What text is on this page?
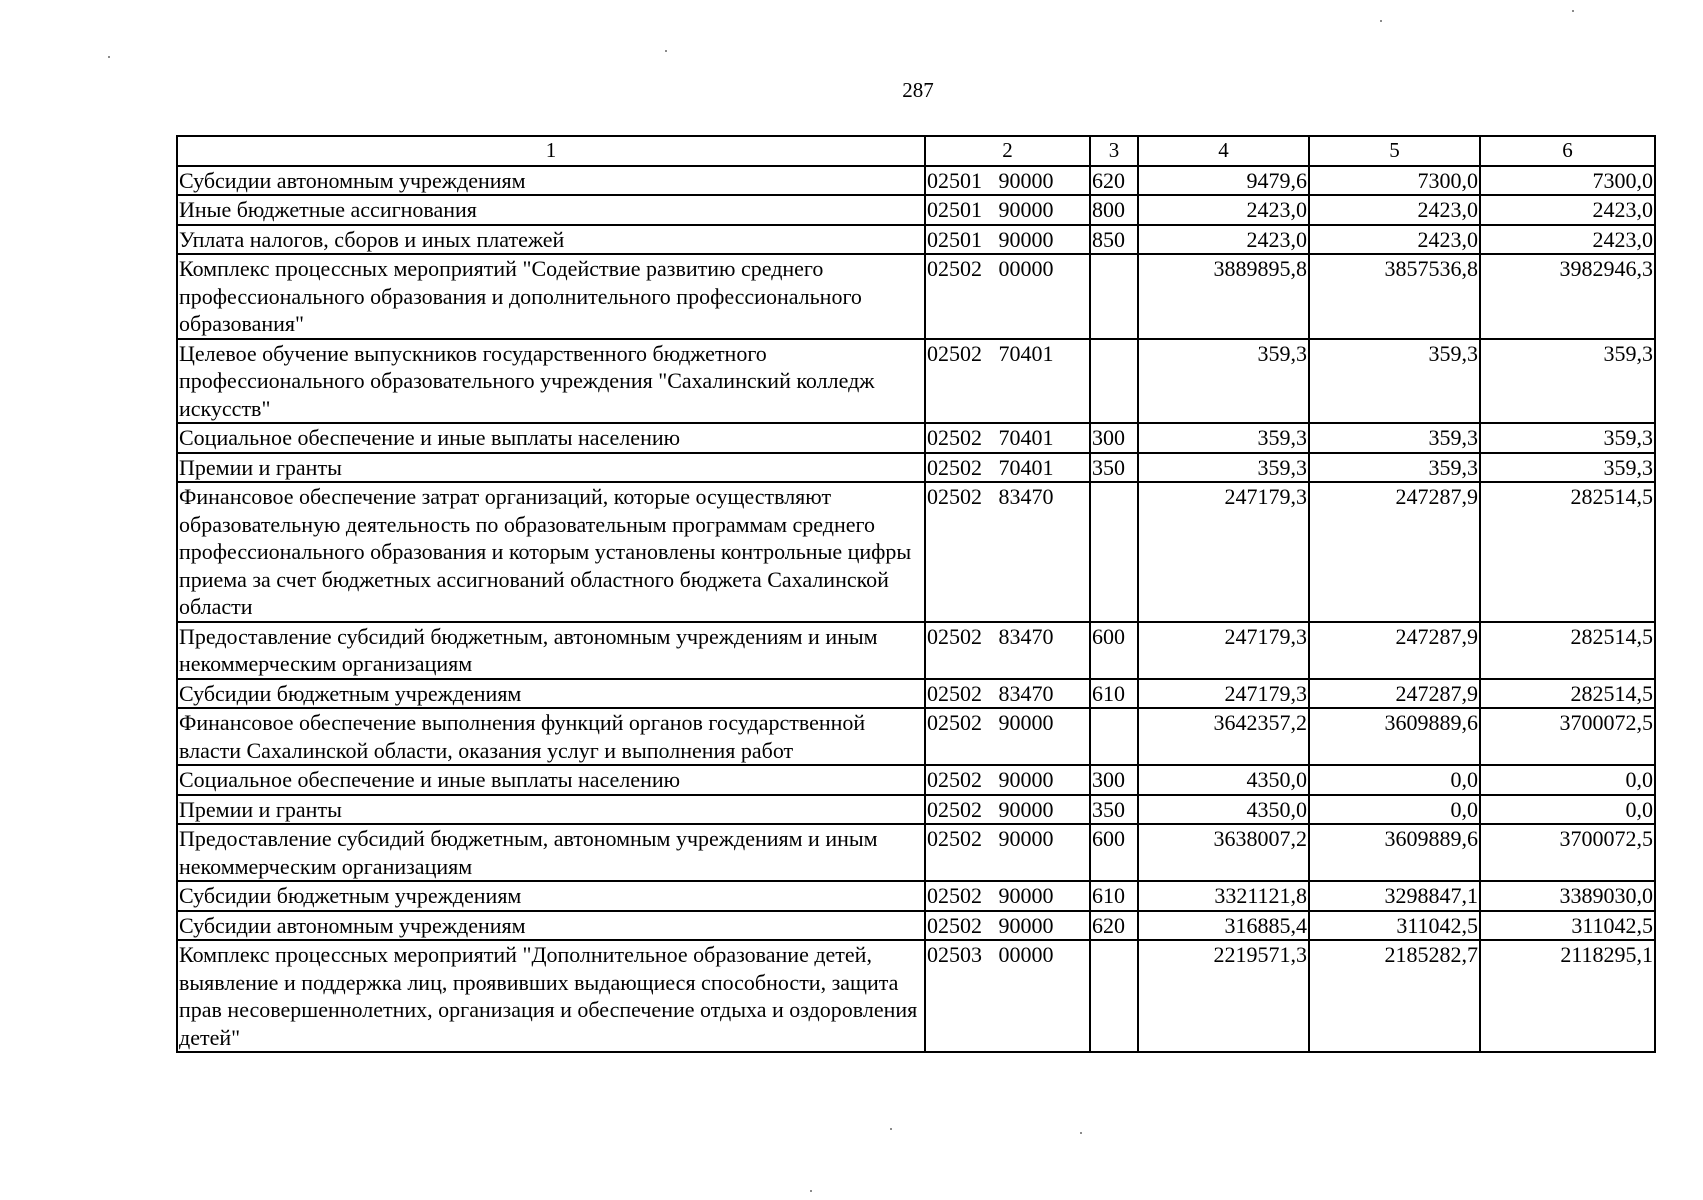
287
1	2	3	4	5	6
Субсидии автономным учреждениям	02501   90000	620	9479,6	7300,0	7300,0
Иные бюджетные ассигнования	02501   90000	800	2423,0	2423,0	2423,0
Уплата налогов, сборов и иных платежей	02501   90000	850	2423,0	2423,0	2423,0
Комплекс процессных мероприятий "Содействие развитию среднего профессионального образования и дополнительного профессионального образования"	02502   00000		3889895,8	3857536,8	3982946,3
Целевое обучение выпускников государственного бюджетного профессионального образовательного учреждения "Сахалинский колледж искусств"	02502   70401		359,3	359,3	359,3
Социальное обеспечение и иные выплаты населению	02502   70401	300	359,3	359,3	359,3
Премии и гранты	02502   70401	350	359,3	359,3	359,3
Финансовое обеспечение затрат организаций, которые осуществляют образовательную деятельность по образовательным программам среднего профессионального образования и которым установлены контрольные цифры приема за счет бюджетных ассигнований областного бюджета Сахалинской области	02502   83470		247179,3	247287,9	282514,5
Предоставление субсидий бюджетным, автономным учреждениям и иным некоммерческим организациям	02502   83470	600	247179,3	247287,9	282514,5
Субсидии бюджетным учреждениям	02502   83470	610	247179,3	247287,9	282514,5
Финансовое обеспечение выполнения функций органов государственной власти Сахалинской области, оказания услуг и выполнения работ	02502   90000		3642357,2	3609889,6	3700072,5
Социальное обеспечение и иные выплаты населению	02502   90000	300	4350,0	0,0	0,0
Премии и гранты	02502   90000	350	4350,0	0,0	0,0
Предоставление субсидий бюджетным, автономным учреждениям и иным некоммерческим организациям	02502   90000	600	3638007,2	3609889,6	3700072,5
Субсидии бюджетным учреждениям	02502   90000	610	3321121,8	3298847,1	3389030,0
Субсидии автономным учреждениям	02502   90000	620	316885,4	311042,5	311042,5
Комплекс процессных мероприятий "Дополнительное образование детей, выявление и поддержка лиц, проявивших выдающиеся способности, защита прав несовершеннолетних, организация и обеспечение отдыха и оздоровления детей"	02503   00000		2219571,3	2185282,7	2118295,1
